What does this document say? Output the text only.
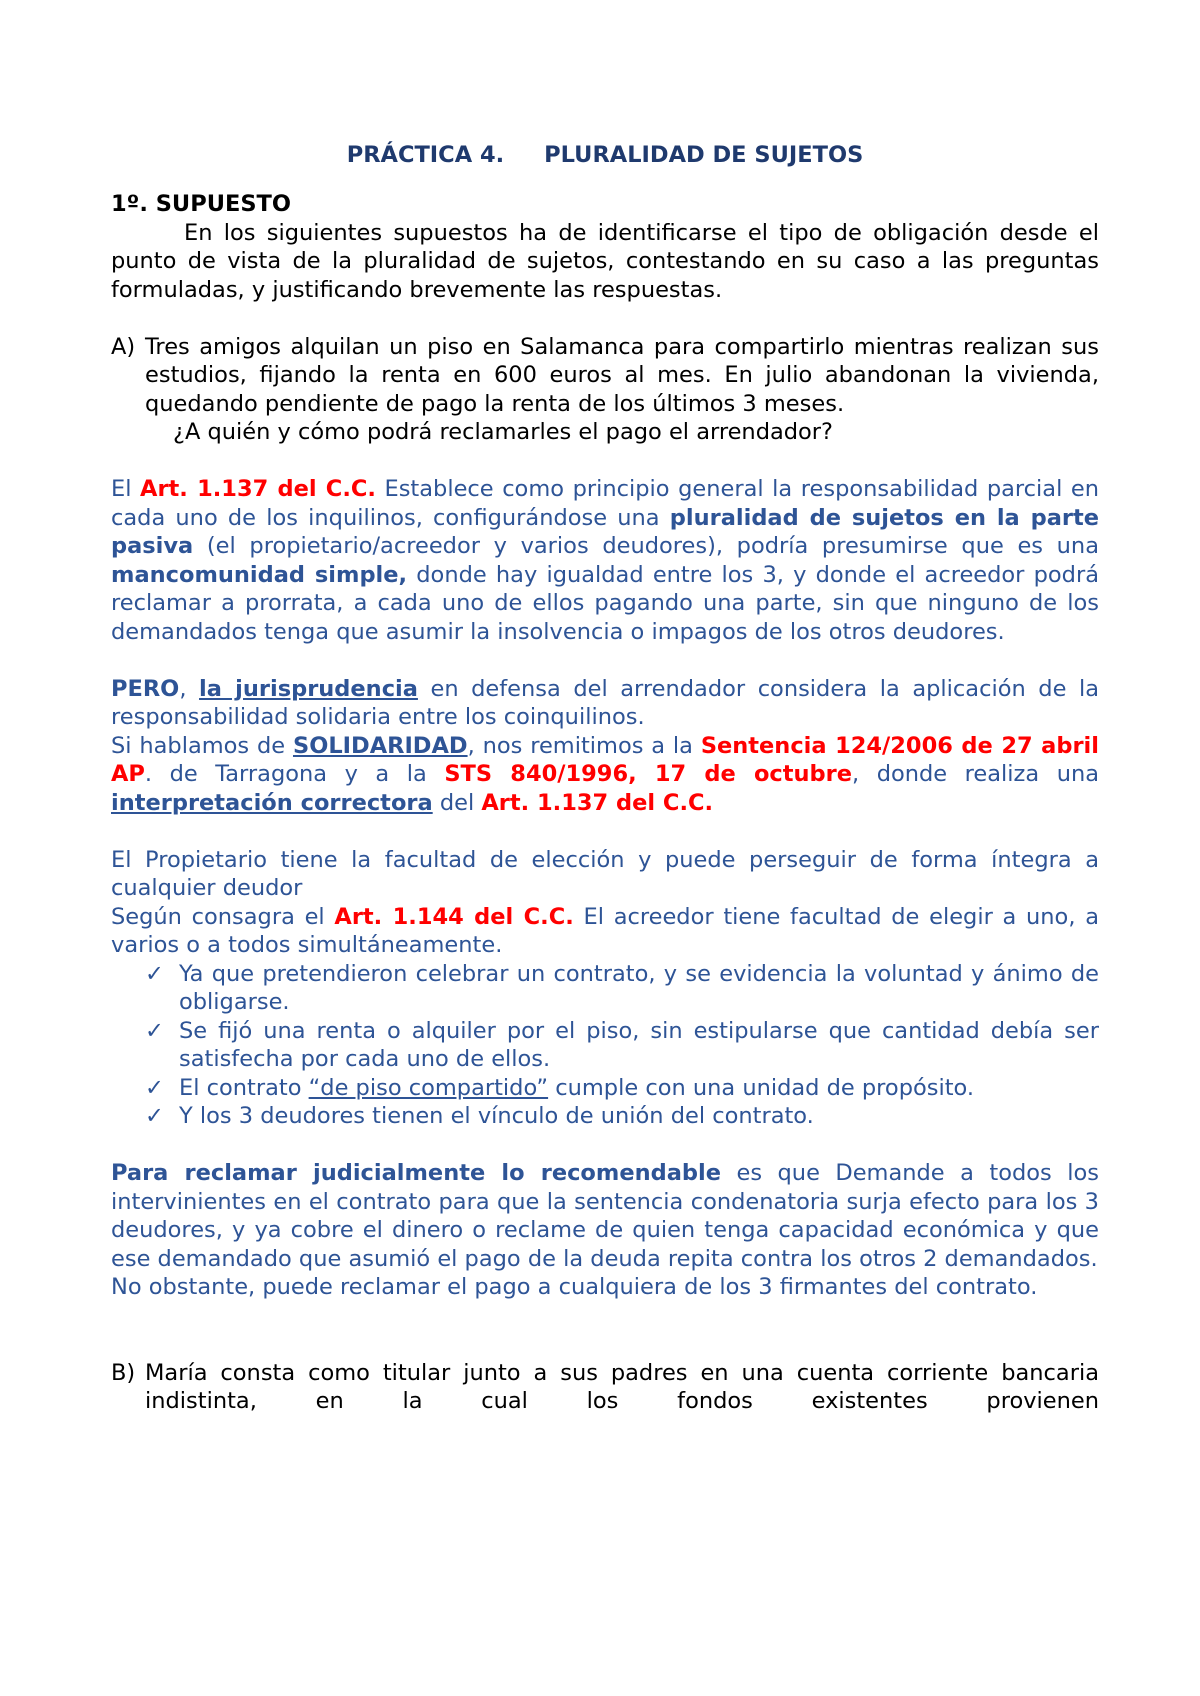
PRÁCTICA 4. PLURALIDAD DE SUJETOS

1º. SUPUESTO

En los siguientes supuestos ha de identificarse el tipo de obligación desde el punto de vista de la pluralidad de sujetos, contestando en su caso a las preguntas formuladas, y justificando brevemente las respuestas.

A) Tres amigos alquilan un piso en Salamanca para compartirlo mientras realizan sus estudios, fijando la renta en 600 euros al mes. En julio abandonan la vivienda, quedando pendiente de pago la renta de los últimos 3 meses.

¿A quién y cómo podrá reclamarles el pago el arrendador?

El Art. 1.137 del C.C. Establece como principio general la responsabilidad parcial en cada uno de los inquilinos, configurándose una pluralidad de sujetos en la parte pasiva (el propietario/acreedor y varios deudores), podría presumirse que es una mancomunidad simple, donde hay igualdad entre los 3, y donde el acreedor podrá reclamar a prorrata, a cada uno de ellos pagando una parte, sin que ninguno de los demandados tenga que asumir la insolvencia o impagos de los otros deudores.

PERO, la jurisprudencia en defensa del arrendador considera la aplicación de la responsabilidad solidaria entre los coinquilinos.

Si hablamos de SOLIDARIDAD, nos remitimos a la Sentencia 124/2006 de 27 abril AP. de Tarragona y a la STS 840/1996, 17 de octubre, donde realiza una interpretación correctora del Art. 1.137 del C.C.

El Propietario tiene la facultad de elección y puede perseguir de forma íntegra a cualquier deudor

Según consagra el Art. 1.144 del C.C. El acreedor tiene facultad de elegir a uno, a varios o a todos simultáneamente.

✓ Ya que pretendieron celebrar un contrato, y se evidencia la voluntad y ánimo de obligarse.
✓ Se fijó una renta o alquiler por el piso, sin estipularse que cantidad debía ser satisfecha por cada uno de ellos.
✓ El contrato “de piso compartido” cumple con una unidad de propósito.
✓ Y los 3 deudores tienen el vínculo de unión del contrato.

Para reclamar judicialmente lo recomendable es que Demande a todos los intervinientes en el contrato para que la sentencia condenatoria surja efecto para los 3 deudores, y ya cobre el dinero o reclame de quien tenga capacidad económica y que ese demandado que asumió el pago de la deuda repita contra los otros 2 demandados.

No obstante, puede reclamar el pago a cualquiera de los 3 firmantes del contrato.

B) María consta como titular junto a sus padres en una cuenta corriente bancaria indistinta, en la cual los fondos existentes provienen
